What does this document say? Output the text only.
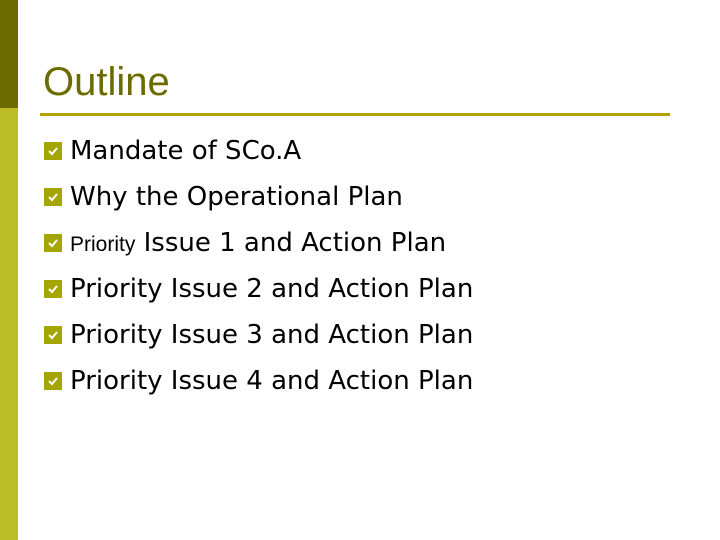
Outline
Mandate of SCo.A
Why the Operational Plan
Priority Issue 1 and Action Plan
Priority Issue 2 and Action Plan
Priority Issue 3 and Action Plan
Priority Issue 4 and Action Plan
